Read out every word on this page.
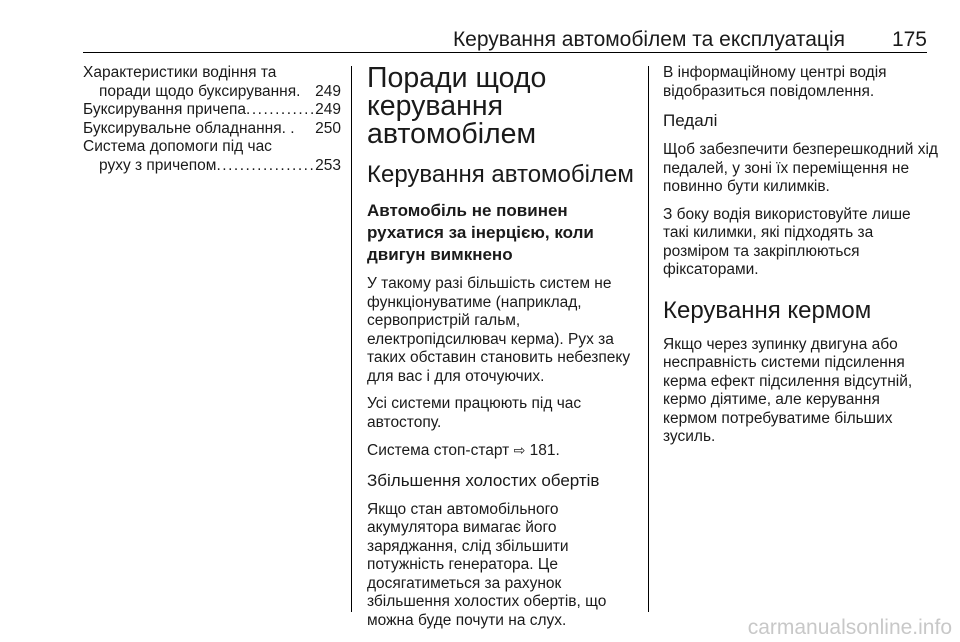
Керування автомобілем та експлуатація 175
Характеристики водіння та
поради щодо буксирування . 249
Буксирування причепа . . .	249
Буксирувальне обладнання . . 250
Система допомоги під час
руху з причепом . . .	253
Поради щодо керування автомобілем
Керування автомобілем
Автомобіль не повинен рухатися за інерцією, коли двигун вимкнено

У такому разі більшість систем не функціонуватиме (наприклад, сервопристрій гальм, електропідсилювач керма). Рух за таких обставин становить небезпеку для вас і для оточуючих.

Усі системи працюють під час автостопу.

Система стоп-старт ⇨ 181.

Збільшення холостих обертів

Якщо стан автомобільного акумулятора вимагає його заряджання, слід збільшити потужність генератора. Це досягатиметься за рахунок збільшення холостих обертів, що можна буде почути на слух.

В інформаційному центрі водія відобразиться повідомлення.

Педалі

Щоб забезпечити безперешкодний хід педалей, у зоні їх переміщення не повинно бути килимків.

З боку водія використовуйте лише такі килимки, які підходять за розміром та закріплюються фіксаторами.

Керування кермом

Якщо через зупинку двигуна або несправність системи підсилення керма ефект підсилення відсутній, кермо діятиме, але керування кермом потребуватиме більших зусиль.

carmanualsonline.info
